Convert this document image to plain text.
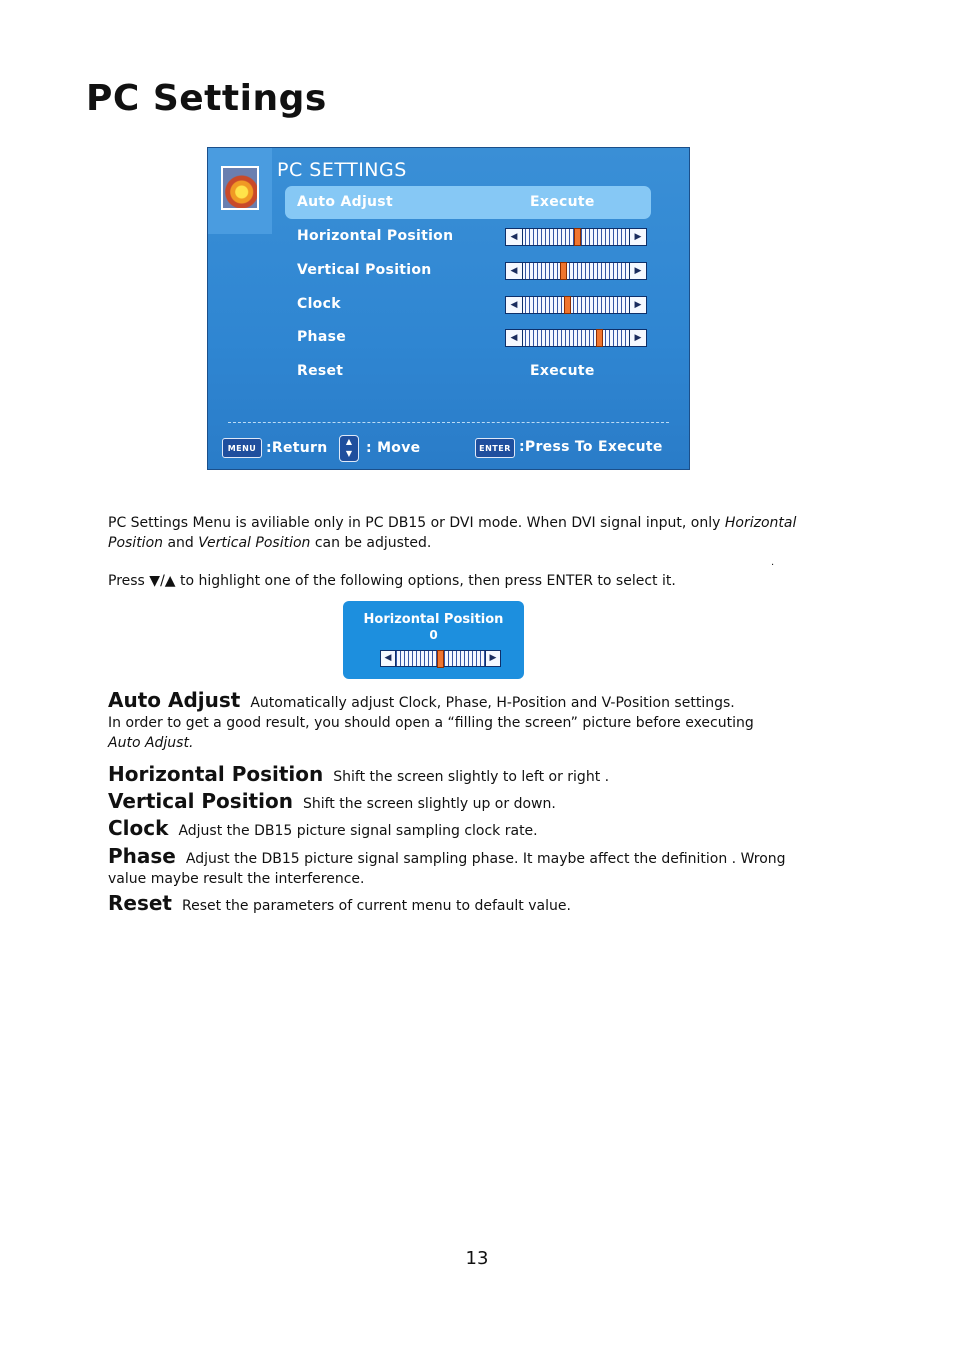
PC Settings
PC SETTINGS
Auto Adjust	Execute
Horizontal Position	◀	▶
Vertical Position	◀	▶
Clock	◀	▶
Phase	◀	▶
Reset	Execute
MENU :Return	▲
▼ : Move	ENTER :Press To Execute
PC Settings Menu is aviliable only in PC DB15 or DVI mode. When DVI signal input, only Horizontal
Position and Vertical Position can be adjusted.
.
Press ▼/▲ to highlight one of the following options, then press ENTER to select it.
Horizontal Position
0
◀	▶
Auto Adjust Automatically adjust Clock, Phase, H-Position and V-Position settings.
In order to get a good result, you should open a “filling the screen” picture before executing
Auto Adjust.
Horizontal Position Shift the screen slightly to left or right .
Vertical Position Shift the screen slightly up or down.
Clock Adjust the DB15 picture signal sampling clock rate.
Phase Adjust the DB15 picture signal sampling phase. It maybe affect the definition . Wrong
value maybe result the interference.
Reset Reset the parameters of current menu to default value.
13
